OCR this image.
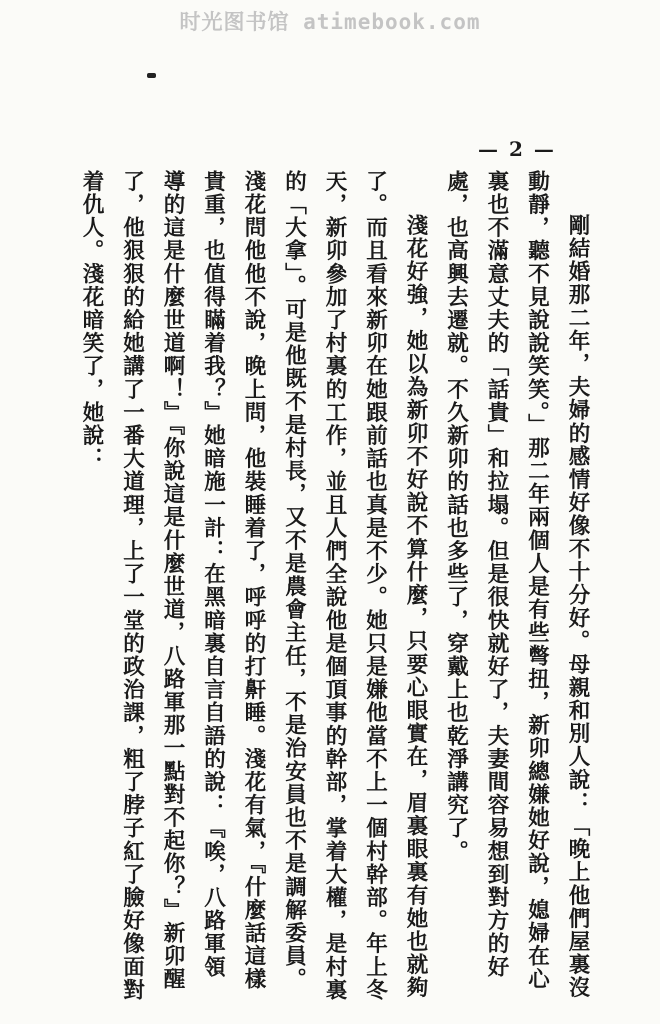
时光图书馆 atimebook.com
— 2 —
剛結婚那二年，夫婦的感情好像不十分好。母親和別人說：「晚上他們屋裏沒
動靜，聽不見說說笑笑。」那二年兩個人是有些彆扭，新卯總嫌她好說，媳婦在心
裏也不滿意丈夫的「話貴」和拉塌。但是很快就好了，夫妻間容易想到對方的好
處，也高興去遷就。不久新卯的話也多些了，穿戴上也乾淨講究了。
淺花好強，她以為新卯不好說不算什麼，只要心眼實在，眉裏眼裏有她也就夠
了。而且看來新卯在她跟前話也真是不少。她只是嫌他當不上一個村幹部。年上冬
天，新卯參加了村裏的工作，並且人們全說他是個頂事的幹部，掌着大權，是村裏
的「大拿」。可是他既不是村長，又不是農會主任，不是治安員也不是調解委員。
淺花問他他不說，晚上問，他裝睡着了，呼呼的打鼾睡。淺花有氣，『什麼話這樣
貴重，也值得瞞着我？』她暗施一計：在黑暗裏自言自語的說：『唉，八路軍領
導的這是什麼世道啊！』『你說這是什麼世道，八路軍那一點對不起你？』新卯醒
了，他狠狠的給她講了一番大道理，上了一堂的政治課，粗了脖子紅了臉好像面對
着仇人。淺花暗笑了，她說：
